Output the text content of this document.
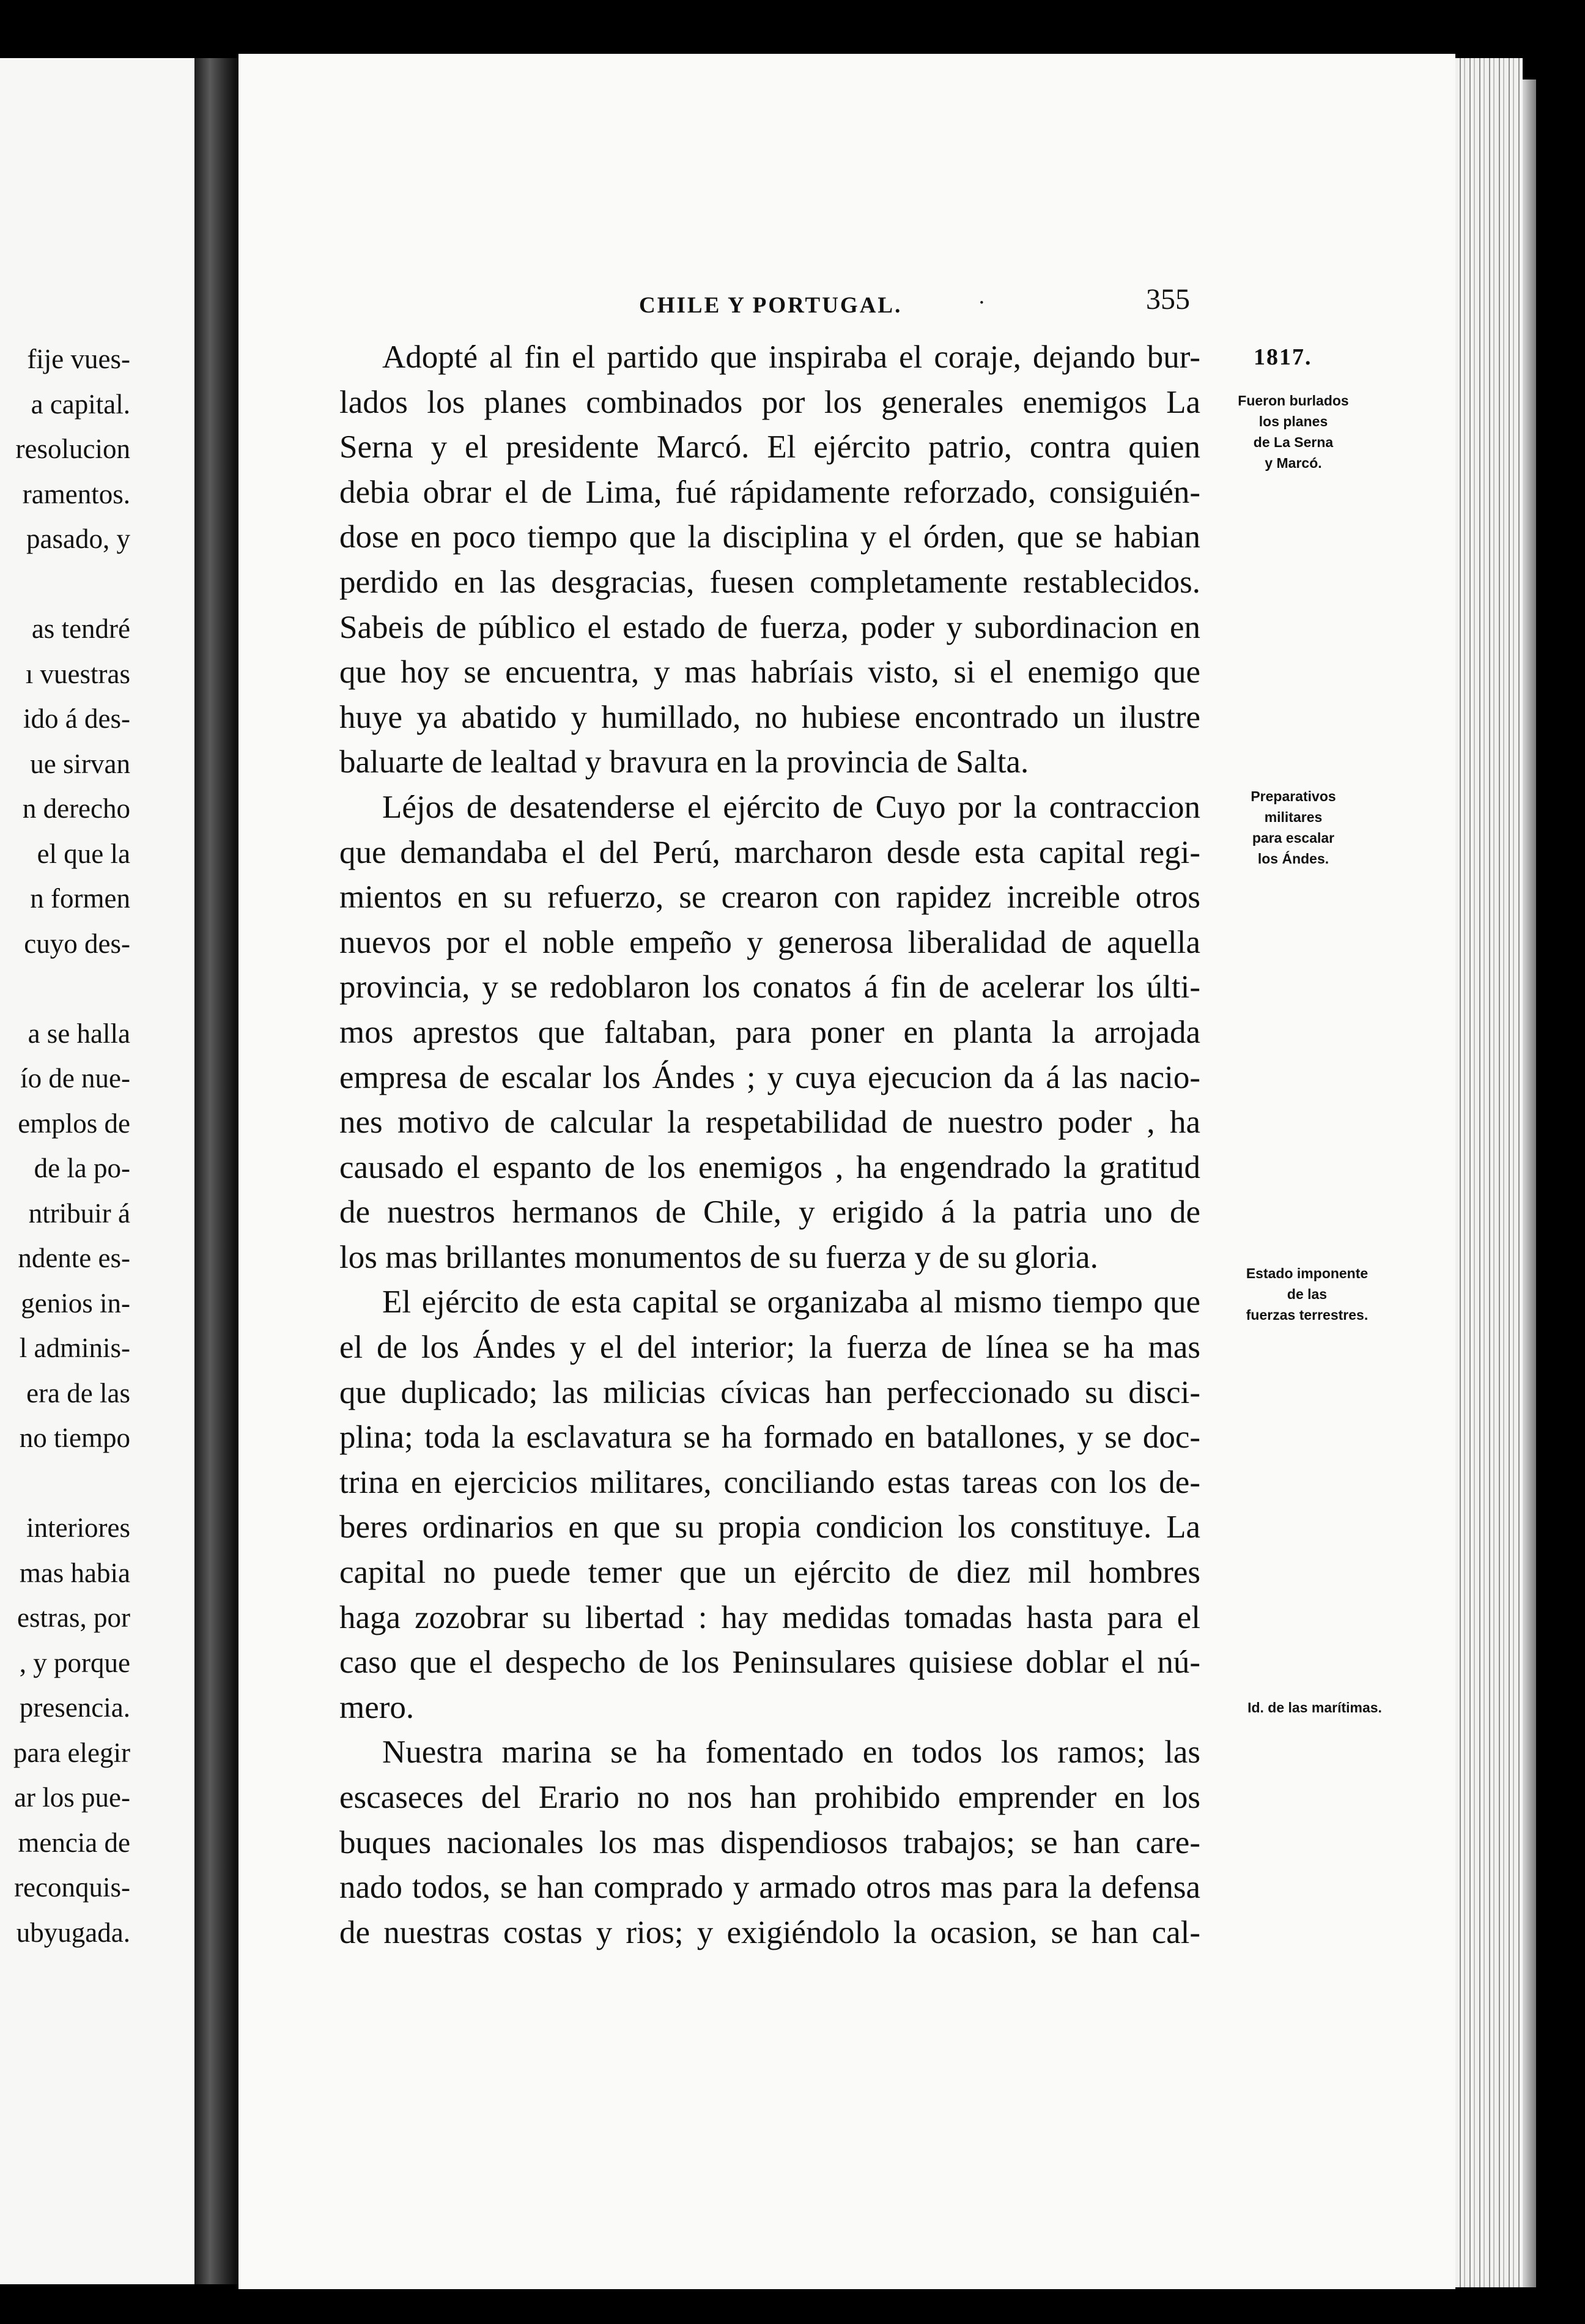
fije vues-
a capital.
resolucion
ramentos.
pasado, y
as tendré
ı vuestras
ido á des-
ue sirvan
n derecho
el que la
n formen
cuyo des-
a se halla
ío de nue-
emplos de
de la po-
ntribuir á
ndente es-
genios in-
l adminis-
era de las
no tiempo
interiores
mas habia
estras, por
, y porque
presencia.
para elegir
ar los pue-
mencia de
reconquis-
ubyugada.
CHILE Y PORTUGAL.	·	355
1817.
Fueron burlados
los planes
de La Serna
y Marcó.
Preparativos
militares
para escalar
los Ándes.
Estado imponente
de las
fuerzas terrestres.
Id. de las marítimas.
Adopté al fin el partido que inspiraba el coraje, dejando bur-
lados los planes combinados por los generales enemigos La
Serna y el presidente Marcó. El ejército patrio, contra quien
debia obrar el de Lima, fué rápidamente reforzado, consiguién-
dose en poco tiempo que la disciplina y el órden, que se habian
perdido en las desgracias, fuesen completamente restablecidos.
Sabeis de público el estado de fuerza, poder y subordinacion en
que hoy se encuentra, y mas habríais visto, si el enemigo que
huye ya abatido y humillado, no hubiese encontrado un ilustre
baluarte de lealtad y bravura en la provincia de Salta.
Léjos de desatenderse el ejército de Cuyo por la contraccion
que demandaba el del Perú, marcharon desde esta capital regi-
mientos en su refuerzo, se crearon con rapidez increible otros
nuevos por el noble empeño y generosa liberalidad de aquella
provincia, y se redoblaron los conatos á fin de acelerar los últi-
mos aprestos que faltaban, para poner en planta la arrojada
empresa de escalar los Ándes ; y cuya ejecucion da á las nacio-
nes motivo de calcular la respetabilidad de nuestro poder , ha
causado el espanto de los enemigos , ha engendrado la gratitud
de nuestros hermanos de Chile, y erigido á la patria uno de
los mas brillantes monumentos de su fuerza y de su gloria.
El ejército de esta capital se organizaba al mismo tiempo que
el de los Ándes y el del interior; la fuerza de línea se ha mas
que duplicado; las milicias cívicas han perfeccionado su disci-
plina; toda la esclavatura se ha formado en batallones, y se doc-
trina en ejercicios militares, conciliando estas tareas con los de-
beres ordinarios en que su propia condicion los constituye. La
capital no puede temer que un ejército de diez mil hombres
haga zozobrar su libertad : hay medidas tomadas hasta para el
caso que el despecho de los Peninsulares quisiese doblar el nú-
mero.
Nuestra marina se ha fomentado en todos los ramos; las
escaseces del Erario no nos han prohibido emprender en los
buques nacionales los mas dispendiosos trabajos; se han care-
nado todos, se han comprado y armado otros mas para la defensa
de nuestras costas y rios; y exigiéndolo la ocasion, se han cal-
